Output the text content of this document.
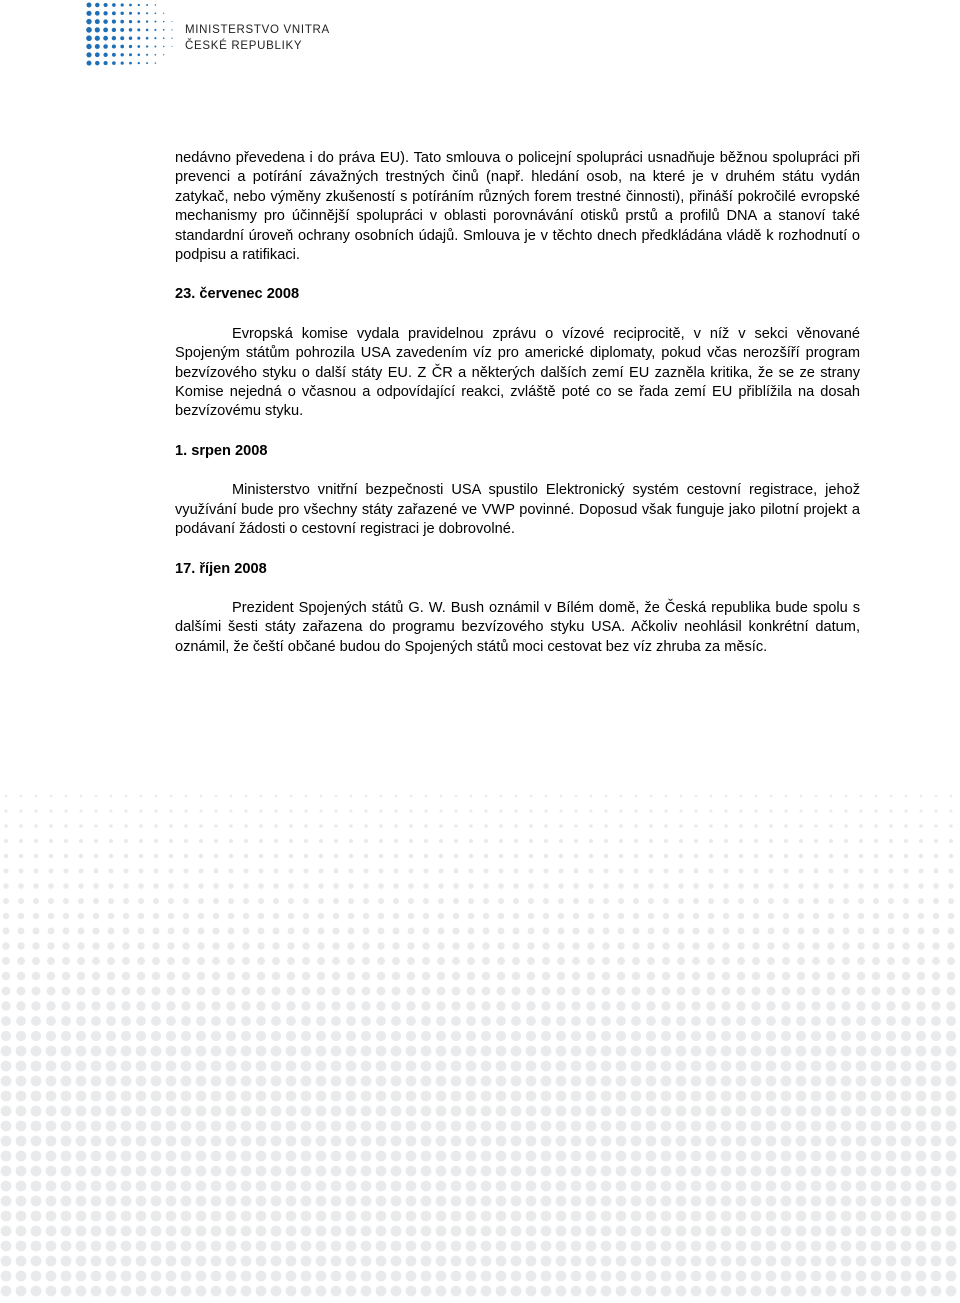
MINISTERSTVO VNITRA
ČESKÉ REPUBLIKY

nedávno převedena i do práva EU). Tato smlouva o policejní spolupráci usnadňuje běžnou spolupráci při prevenci a potírání závažných trestných činů (např. hledání osob, na které je v druhém státu vydán zatykač, nebo výměny zkušeností s potíráním různých forem trestné činnosti), přináší pokročilé evropské mechanismy pro účinnější spolupráci v oblasti porovnávání otisků prstů a profilů DNA a stanoví také standardní úroveň ochrany osobních údajů. Smlouva je v těchto dnech předkládána vládě k rozhodnutí o podpisu a ratifikaci.

23. červenec 2008

Evropská komise vydala pravidelnou zprávu o vízové reciprocitě, v níž v sekci věnované Spojeným státům pohrozila USA zavedením víz pro americké diplomaty, pokud včas nerozšíří program bezvízového styku o další státy EU. Z ČR a některých dalších zemí EU zazněla kritika, že se ze strany Komise nejedná o včasnou a odpovídající reakci, zvláště poté co se řada zemí EU přiblížila na dosah bezvízovému styku.

1. srpen 2008

Ministerstvo vnitřní bezpečnosti USA spustilo Elektronický systém cestovní registrace, jehož využívání bude pro všechny státy zařazené ve VWP povinné. Doposud však funguje jako pilotní projekt a podávaní žádosti o cestovní registraci je dobrovolné.

17. říjen 2008

Prezident Spojených států G. W. Bush oznámil v Bílém domě, že Česká republika bude spolu s dalšími šesti státy zařazena do programu bezvízového styku USA. Ačkoliv neohlásil konkrétní datum, oznámil, že čeští občané budou do Spojených států moci cestovat bez víz zhruba za měsíc.
